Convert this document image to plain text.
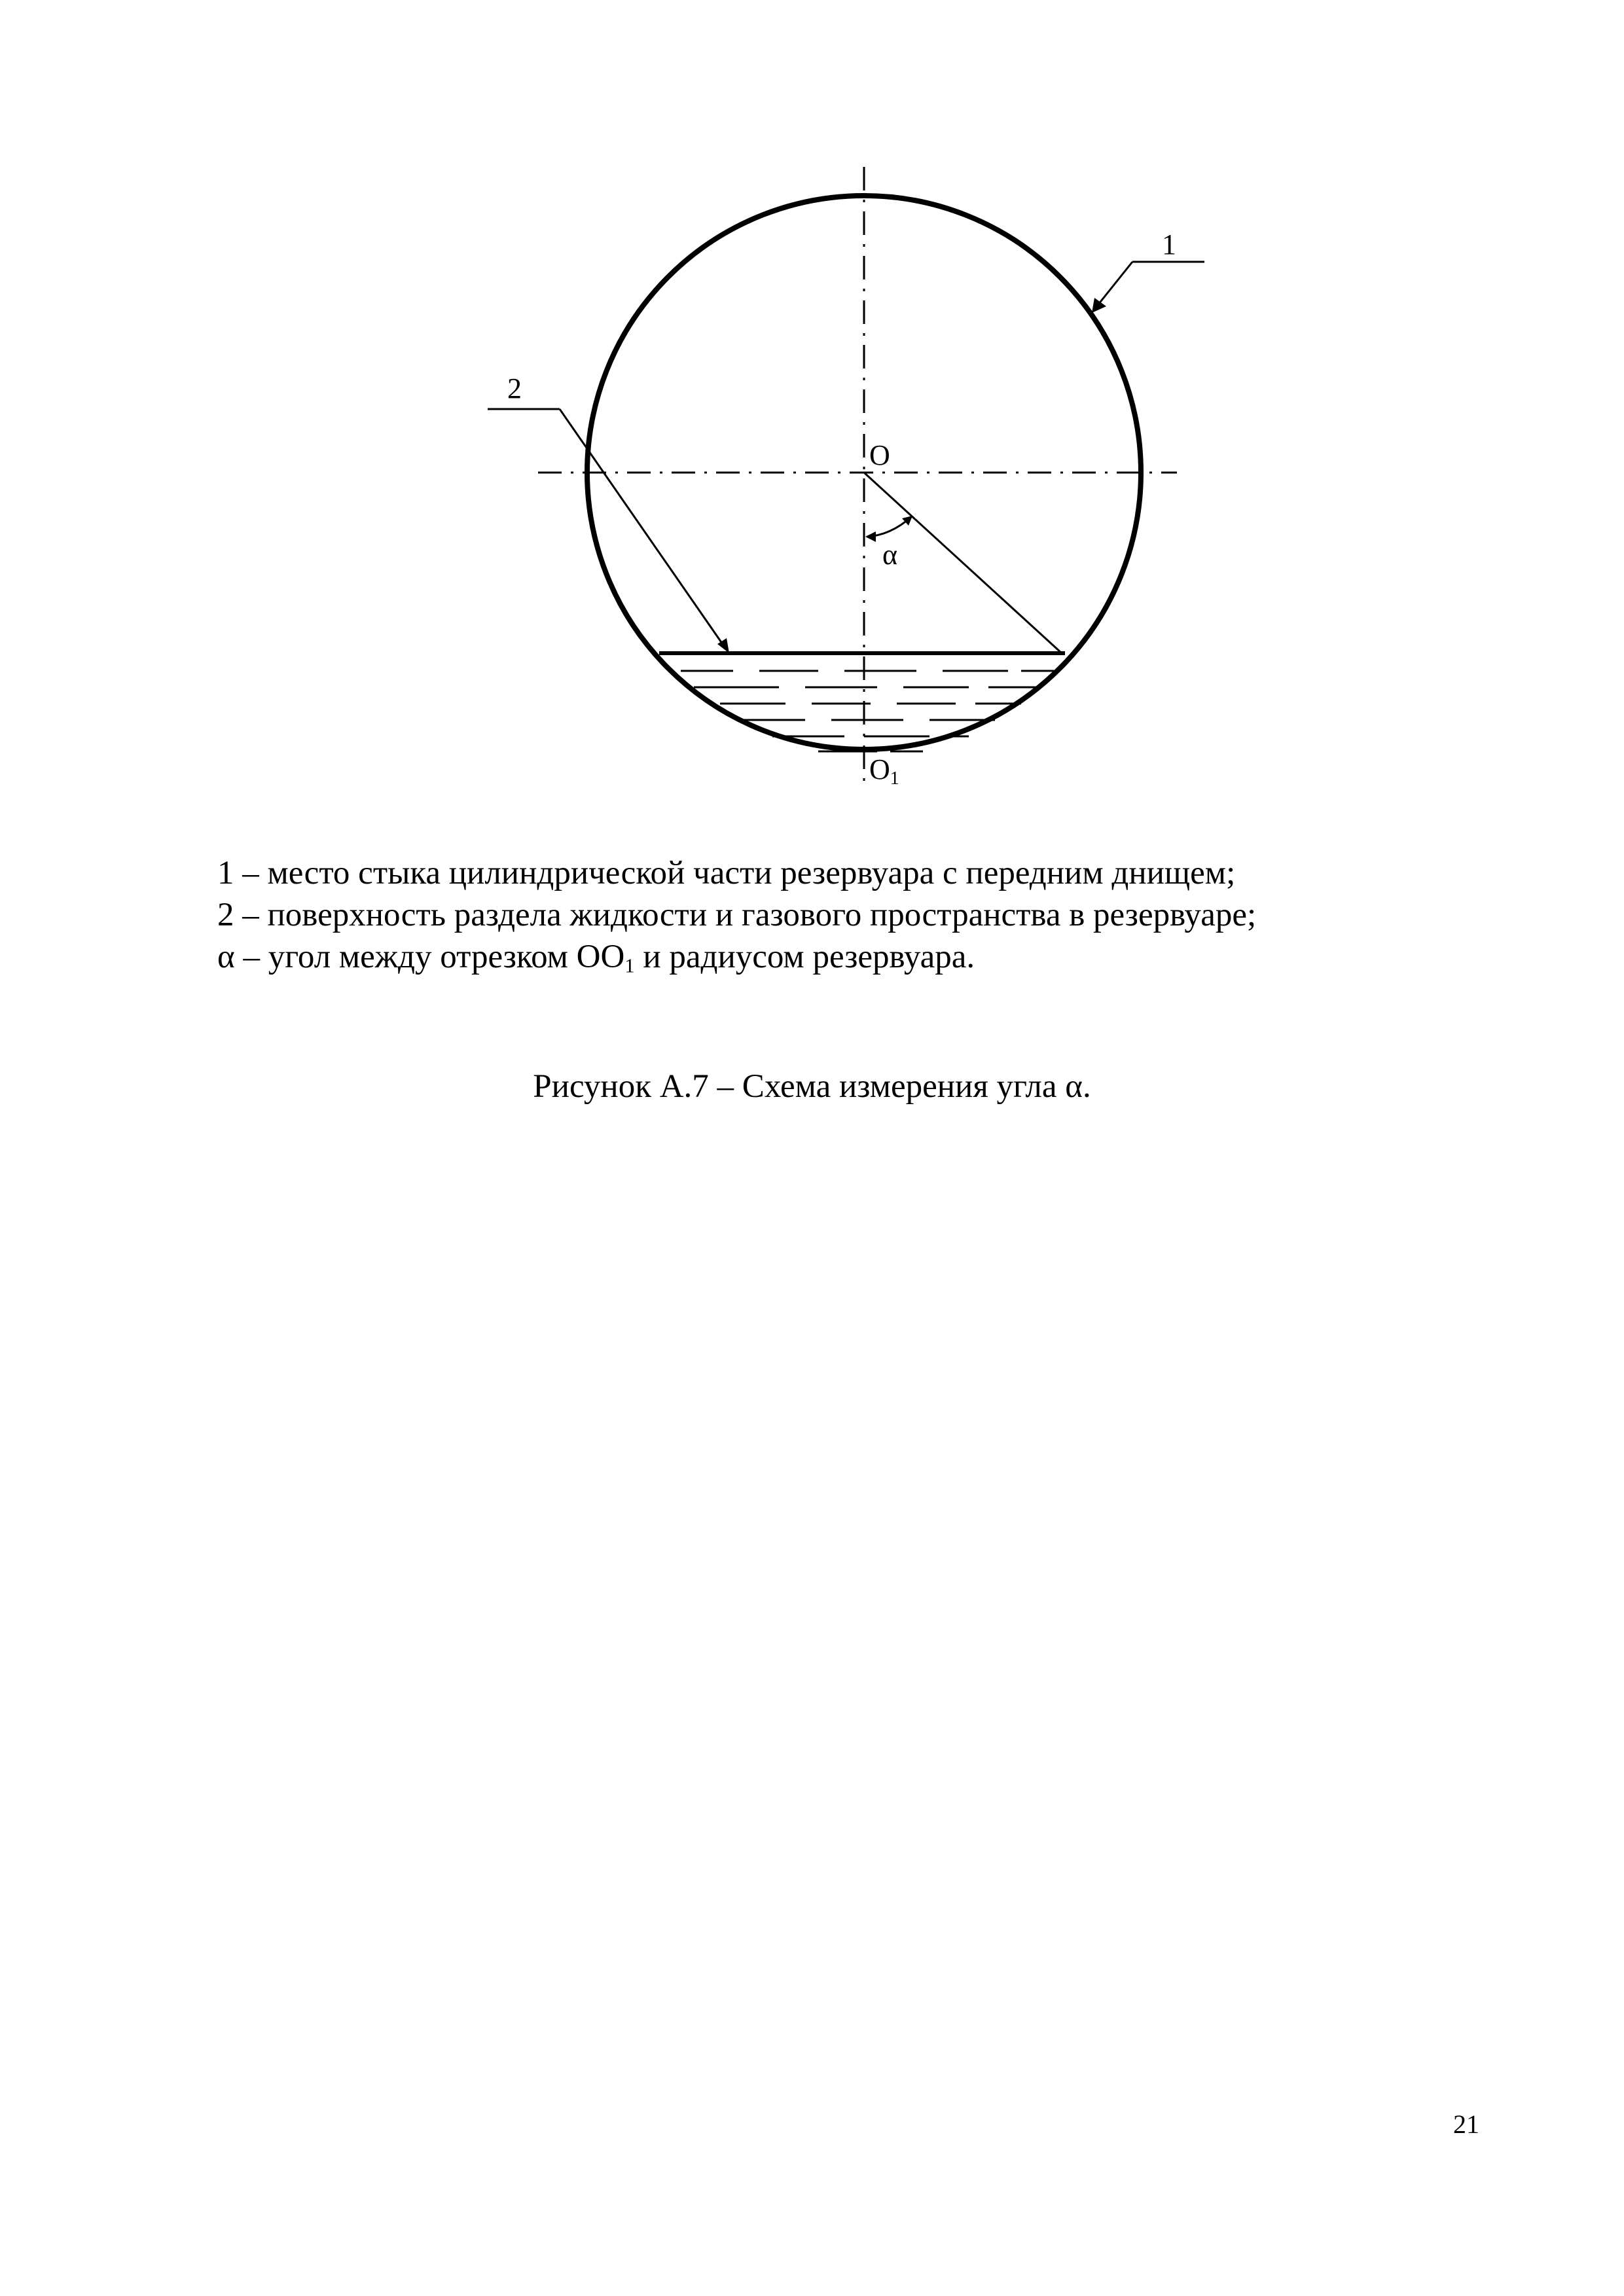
1
2
O
α
O1
1 – место стыка цилиндрической части резервуара с передним днищем;
2 – поверхность раздела жидкости и газового пространства в резервуаре;
α – угол между отрезком $OO_1$ и радиусом резервуара.
Рисунок А.7 – Схема измерения угла α.
21
